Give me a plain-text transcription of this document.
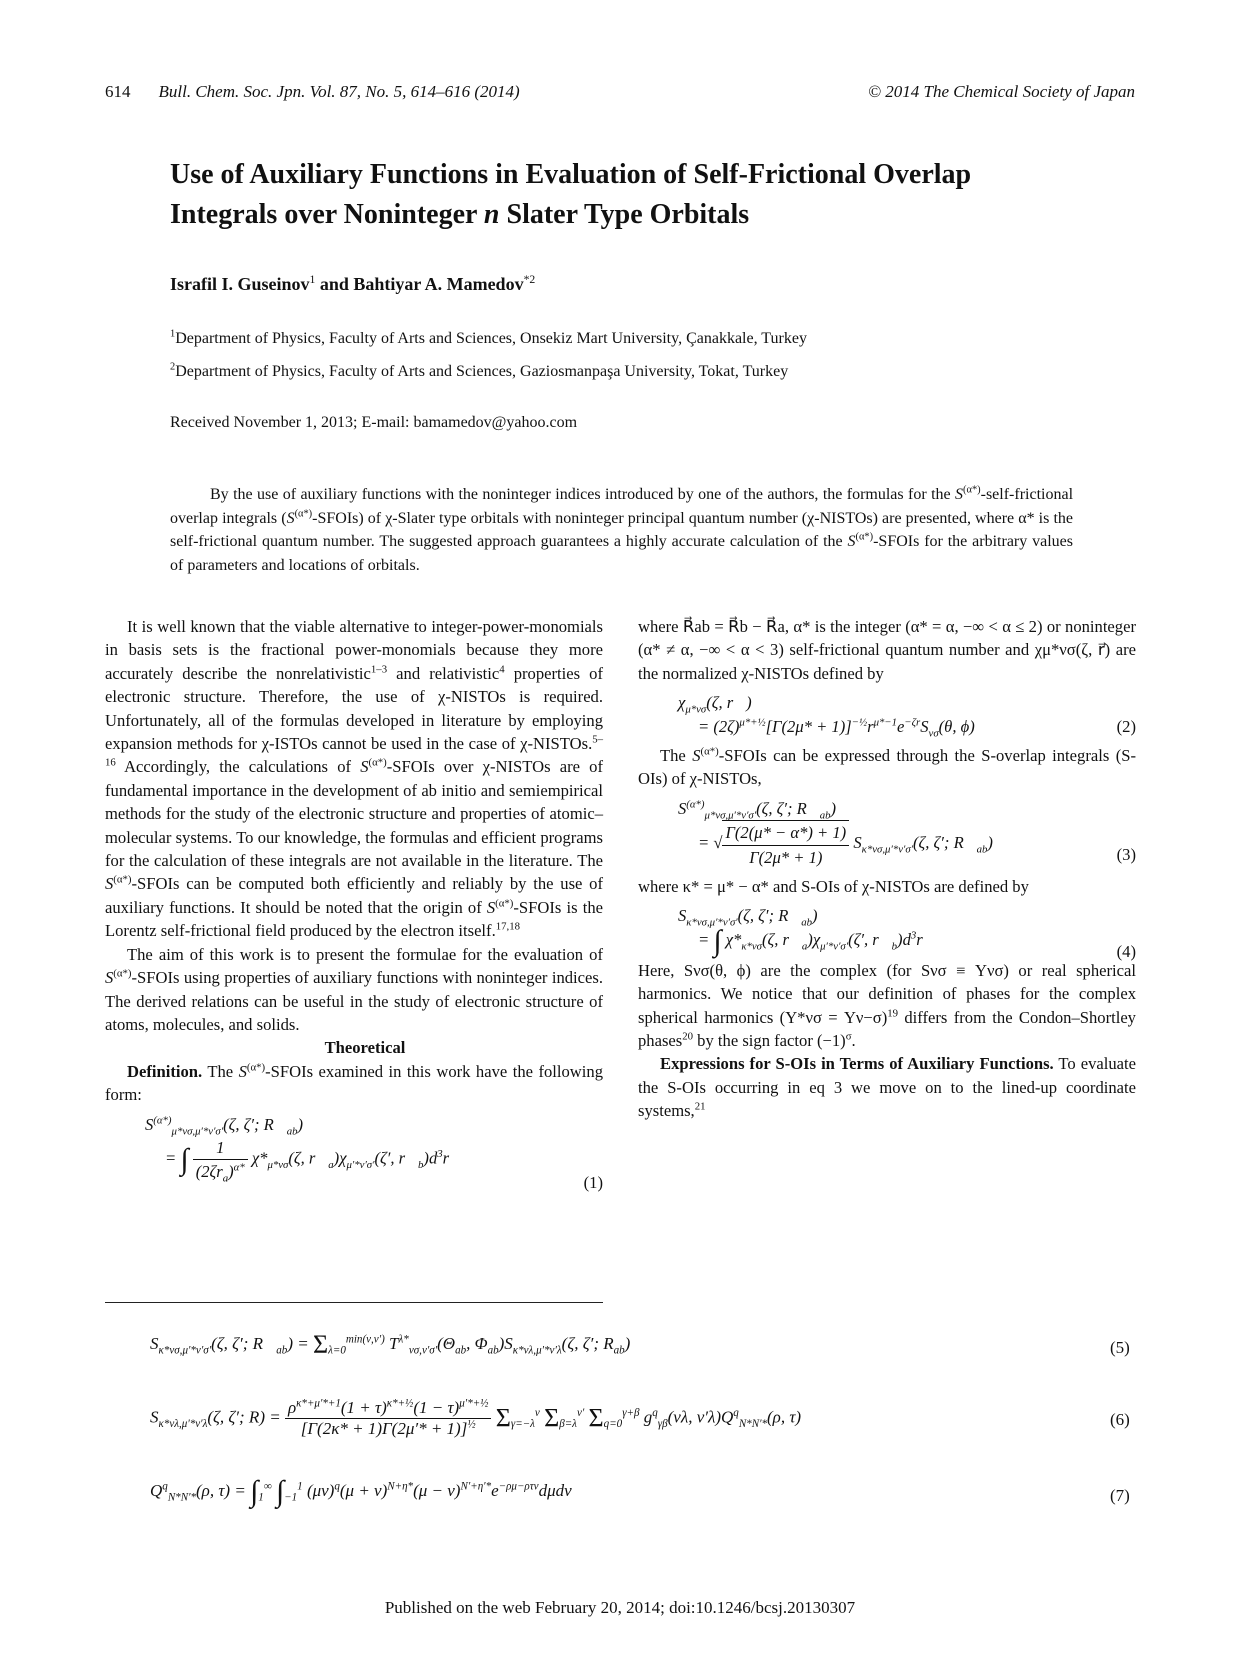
614 Bull. Chem. Soc. Jpn. Vol. 87, No. 5, 614–616 (2014)	© 2014 The Chemical Society of Japan
Use of Auxiliary Functions in Evaluation of Self-Frictional Overlap
Integrals over Noninteger n Slater Type Orbitals
Israfil I. Guseinov$^1$ and Bahtiyar A. Mamedov$^{*2}$
$^1$Department of Physics, Faculty of Arts and Sciences, Onsekiz Mart University, Çanakkale, Turkey
$^2$Department of Physics, Faculty of Arts and Sciences, Gaziosmanpaşa University, Tokat, Turkey
Received November 1, 2013; E-mail: bamamedov@yahoo.com
By the use of auxiliary functions with the noninteger indices introduced by one of the authors, the formulas for the $S^{(\alpha*)}-self$-frictional overlap integrals $(S^{(\alpha*)}-SFOIs)$ of χ-Slater type orbitals with noninteger principal quantum number (χ-NISTOs) are presented, where α* is the self-frictional quantum number. The suggested approach guarantees a highly accurate calculation of the $S^{(\alpha*)}$-SFOIs for the arbitrary values of parameters and locations of orbitals.

It is well known that the viable alternative to integer-power-monomials in basis sets is the fractional power-monomials because they more accurately describe the nonrelativistic$^{1-3}$ and relativistic$^4$ properties of electronic structure. Therefore, the use of χ-NISTOs is required. Unfortunately, all of the formulas developed in literature by employing expansion methods for χ-ISTOs cannot be used in the case of χ-NISTOs.$^{5-16}$ Accordingly, the calculations of $S^{(\alpha*)}$-SFOIs over χ-NISTOs are of fundamental importance in the development of ab initio and semiempirical methods for the study of the electronic structure and properties of atomic–molecular systems. To our knowledge, the formulas and efficient programs for the calculation of these integrals are not available in the literature. The $S^{(\alpha*)}$-SFOIs can be computed both efficiently and reliably by the use of auxiliary functions. It should be noted that the origin of $S^{(\alpha*)}$-SFOIs is the Lorentz self-frictional field produced by the electron itself.$^{17,18}$

The aim of this work is to present the formulae for the evaluation of $S^{(\alpha*)}$-SFOIs using properties of auxiliary functions with noninteger indices. The derived relations can be useful in the study of electronic structure of atoms, molecules, and solids.

Theoretical

Definition. The $S^{(\alpha*)}$-SFOIs examined in this work have the following form:

$S^{(\alpha*)}_{\mu*\nu\sigma,\mu'*\nu'\sigma'}(\zeta$, ζ′; $R⃗_{ab}$)
= ∫ $\frac{1}{(2\zeta r_a)^{\alpha*}} \chi*_{\mu*\nu\sigma}(\zeta$, $r⃗_a)\chi_{\mu'*\nu'\sigma'}(\zeta'$, $r⃗_b)d^3r⃗$
(1)

where R⃗ab = R⃗b − R⃗a, α* is the integer (α* = α, −∞ < α ≤ 2) or noninteger (α* ≠ α, −∞ < α < 3) self-frictional quantum number and χμ*νσ(ζ, r⃗) are the normalized χ-NISTOs defined by

$\chi_{\mu*\nu\sigma}(\zeta$, r⃗)
= $(2\zeta)^{\mu*+\frac{1}{2}}[\Gamma(2\mu* + 1)]^{-\frac{1}{2}}r^{\mu*-1}e^{-\zeta r}S_{\nu\sigma}(\theta$, ϕ)	(2)

The $S^{(\alpha*)}$-SFOIs can be expressed through the S-overlap integrals (S-OIs) of χ-NISTOs,

$S^{(\alpha*)}_{\mu*\nu\sigma,\mu'*\nu'\sigma'}(\zeta$, ζ′; $R⃗_{ab}$)
= √ $\frac{\Gamma(2(\mu* - \alpha*) + 1)}{\Gamma(2\mu* + 1)} S_{\kappa*\nu\sigma,\mu'*\nu'\sigma'}(\zeta$, ζ′; $R⃗_{ab}$)
(3)

where κ* = μ* − α* and S-OIs of χ-NISTOs are defined by

$S_{\kappa*\nu\sigma,\mu'*\nu'\sigma'}(\zeta$, ζ′; $R⃗_{ab}$)
= ∫ $\chi*_{\kappa*\nu\sigma}(\zeta$, $r⃗_a)\chi_{\mu'*\nu'\sigma'}(\zeta'$, $r⃗_b)d^3r⃗$
(4)

Here, Sνσ(θ, ϕ) are the complex (for Sνσ ≡ Yνσ) or real spherical harmonics. We notice that our definition of phases for the complex spherical harmonics (Y*νσ = Yν−σ)$^{19}$ differs from the Condon–Shortley phases$^{20}$ by the sign factor $(-1)^\sigma$.

Expressions for S-OIs in Terms of Auxiliary Functions. To evaluate the S-OIs occurring in eq 3 we move on to the lined-up coordinate systems,$^{21}$

$S_{\kappa*\nu\sigma,\mu'*\nu'\sigma'}(\zeta$, ζ′; $R⃗_{ab}) = \Sigma_{\lambda=0}^{min(\nu,\nu')}$ $T^{\lambda*}_{\nu\sigma,\nu'\sigma'}(\Theta_{ab}$, $\Phi_{ab})S_{\kappa*\nu\lambda,\mu'*\nu'\lambda}(\zeta$, ζ′; $R_{ab}$)	(5)
$S_{\kappa*\nu\lambda,\mu'*\nu'\lambda}(\zeta$, ζ′; $R) = \frac{\rho^{\kappa*+\mu'*+1}(1 + \tau)^{\kappa*+\frac{1}{2}}(1 - \tau)^{\mu'*+\frac{1}{2}}}{[\Gamma(2\kappa* + 1)\Gamma(2\mu'* + 1)]^{\frac{1}{2}}} \Sigma_{\gamma=-\lambda}^\nu$ $\Sigma_{\beta=\lambda}^{\nu'}$ $\Sigma_{q=0}^{\gamma+\beta}$ $g^q_{\gamma\beta}(\nu\lambda$, $\nu'\lambda)Q^q_{N*N'*}(\rho$, τ)	(6)
$Q^q_{N*N'*}(\rho$, $\tau) = \int_1^\infty$ $\int_{-1}^1$ $(\mu\nu)^q(\mu + \nu)^{N+\eta*}(\mu - \nu)^{N'+\eta'*}e^{-\rho\mu-\rho\tau\nu}d\mu d\nu$	(7)
Published on the web February 20, 2014; doi:10.1246/bcsj.20130307
